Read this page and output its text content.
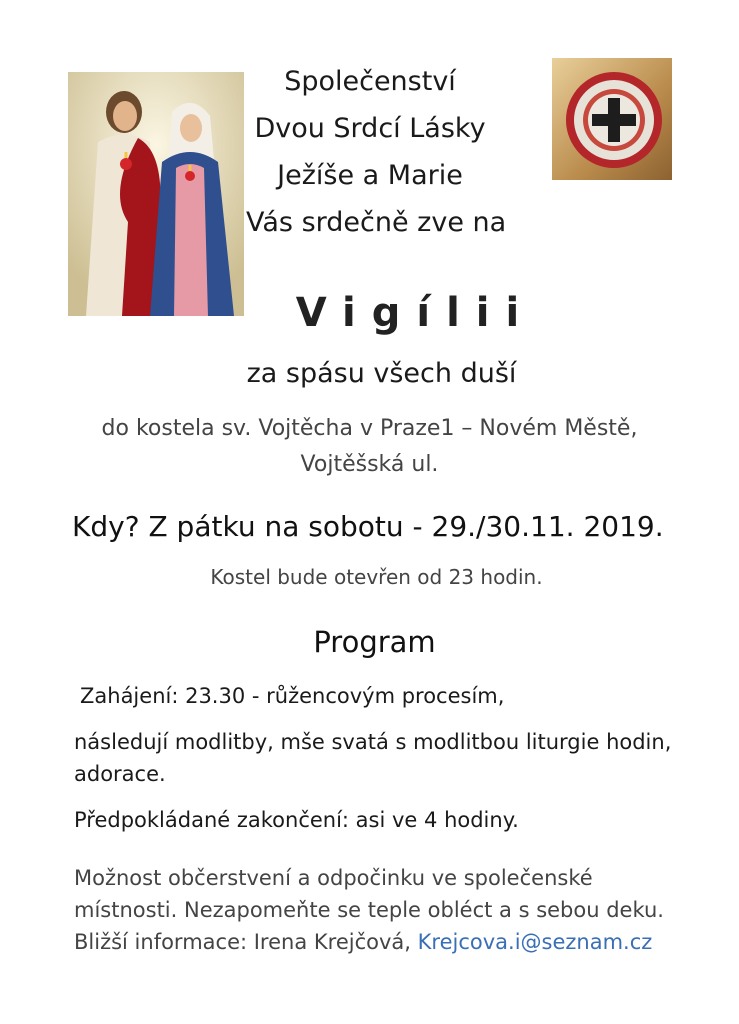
Společenství
Dvou Srdcí Lásky
Ježíše a Marie
Vás srdečně zve na
Vigílii
za spásu všech duší
do kostela sv. Vojtěcha v Praze1 – Novém Městě,
Vojtěšská ul.
Kdy? Z pátku na sobotu - 29./30.11. 2019.
Kostel bude otevřen od 23 hodin.
Program
Zahájení: 23.30 - růžencovým procesím,
následují modlitby, mše svatá s modlitbou liturgie hodin,
adorace.
Předpokládané zakončení: asi ve 4 hodiny.
Možnost občerstvení a odpočinku ve společenské
místnosti. Nezapomeňte se teple obléct a s sebou deku.
Bližší informace: Irena Krejčová, Krejcova.i@seznam.cz
